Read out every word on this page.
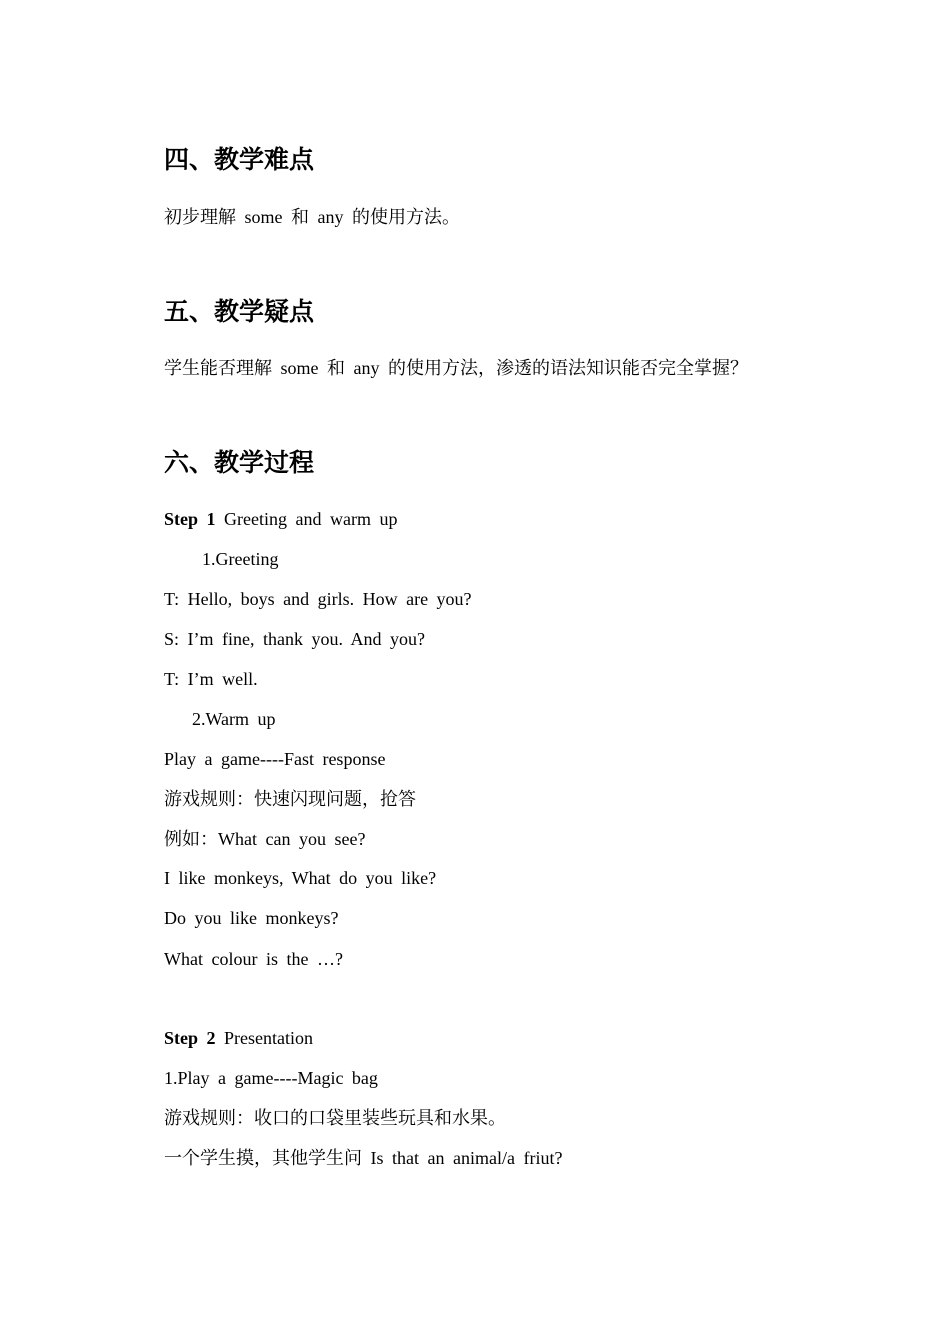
四、教学难点
初步理解 some 和 any 的使用方法。
五、教学疑点
学生能否理解 some 和 any 的使用方法，渗透的语法知识能否完全掌握？
六、教学过程
Step 1 Greeting and warm up
1.Greeting
T: Hello, boys and girls. How are you?
S: I’m fine, thank you. And you?
T: I’m well.
2.Warm up
Play a game----Fast response
游戏规则：快速闪现问题，抢答
例如：What can you see?
I like monkeys, What do you like?
Do you like monkeys?
What colour is the …?
Step 2 Presentation
1.Play a game----Magic bag
游戏规则：收口的口袋里装些玩具和水果。
一个学生摸，其他学生问 Is that an animal/a friut?
